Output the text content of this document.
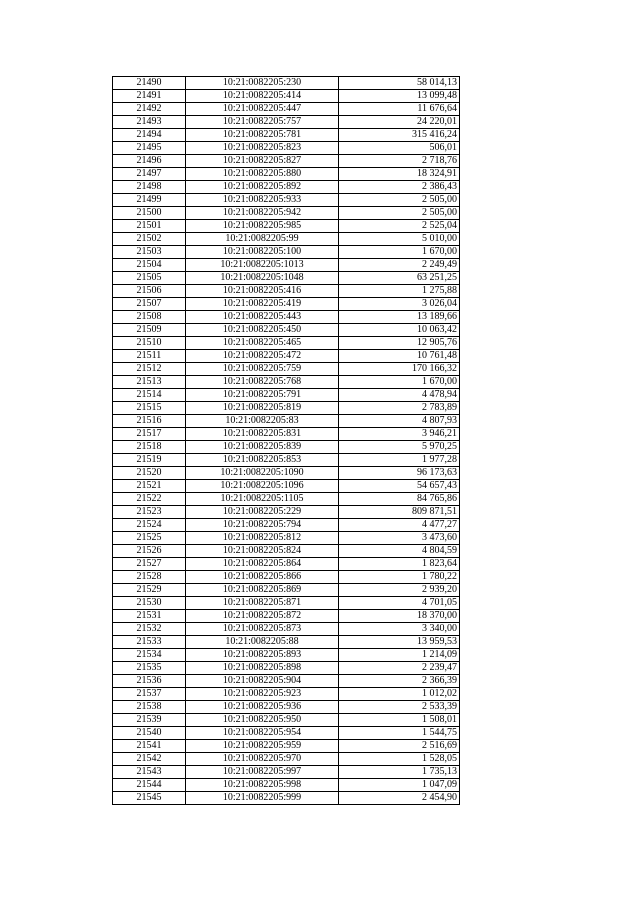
21490	10:21:0082205:230	58 014,13
21491	10:21:0082205:414	13 099,48
21492	10:21:0082205:447	11 676,64
21493	10:21:0082205:757	24 220,01
21494	10:21:0082205:781	315 416,24
21495	10:21:0082205:823	506,01
21496	10:21:0082205:827	2 718,76
21497	10:21:0082205:880	18 324,91
21498	10:21:0082205:892	2 386,43
21499	10:21:0082205:933	2 505,00
21500	10:21:0082205:942	2 505,00
21501	10:21:0082205:985	2 525,04
21502	10:21:0082205:99	5 010,00
21503	10:21:0082205:100	1 670,00
21504	10:21:0082205:1013	2 249,49
21505	10:21:0082205:1048	63 251,25
21506	10:21:0082205:416	1 275,88
21507	10:21:0082205:419	3 026,04
21508	10:21:0082205:443	13 189,66
21509	10:21:0082205:450	10 063,42
21510	10:21:0082205:465	12 905,76
21511	10:21:0082205:472	10 761,48
21512	10:21:0082205:759	170 166,32
21513	10:21:0082205:768	1 670,00
21514	10:21:0082205:791	4 478,94
21515	10:21:0082205:819	2 783,89
21516	10:21:0082205:83	4 807,93
21517	10:21:0082205:831	3 946,21
21518	10:21:0082205:839	5 970,25
21519	10:21:0082205:853	1 977,28
21520	10:21:0082205:1090	96 173,63
21521	10:21:0082205:1096	54 657,43
21522	10:21:0082205:1105	84 765,86
21523	10:21:0082205:229	809 871,51
21524	10:21:0082205:794	4 477,27
21525	10:21:0082205:812	3 473,60
21526	10:21:0082205:824	4 804,59
21527	10:21:0082205:864	1 823,64
21528	10:21:0082205:866	1 780,22
21529	10:21:0082205:869	2 939,20
21530	10:21:0082205:871	4 701,05
21531	10:21:0082205:872	18 370,00
21532	10:21:0082205:873	3 340,00
21533	10:21:0082205:88	13 959,53
21534	10:21:0082205:893	1 214,09
21535	10:21:0082205:898	2 239,47
21536	10:21:0082205:904	2 366,39
21537	10:21:0082205:923	1 012,02
21538	10:21:0082205:936	2 533,39
21539	10:21:0082205:950	1 508,01
21540	10:21:0082205:954	1 544,75
21541	10:21:0082205:959	2 516,69
21542	10:21:0082205:970	1 528,05
21543	10:21:0082205:997	1 735,13
21544	10:21:0082205:998	1 047,09
21545	10:21:0082205:999	2 454,90
